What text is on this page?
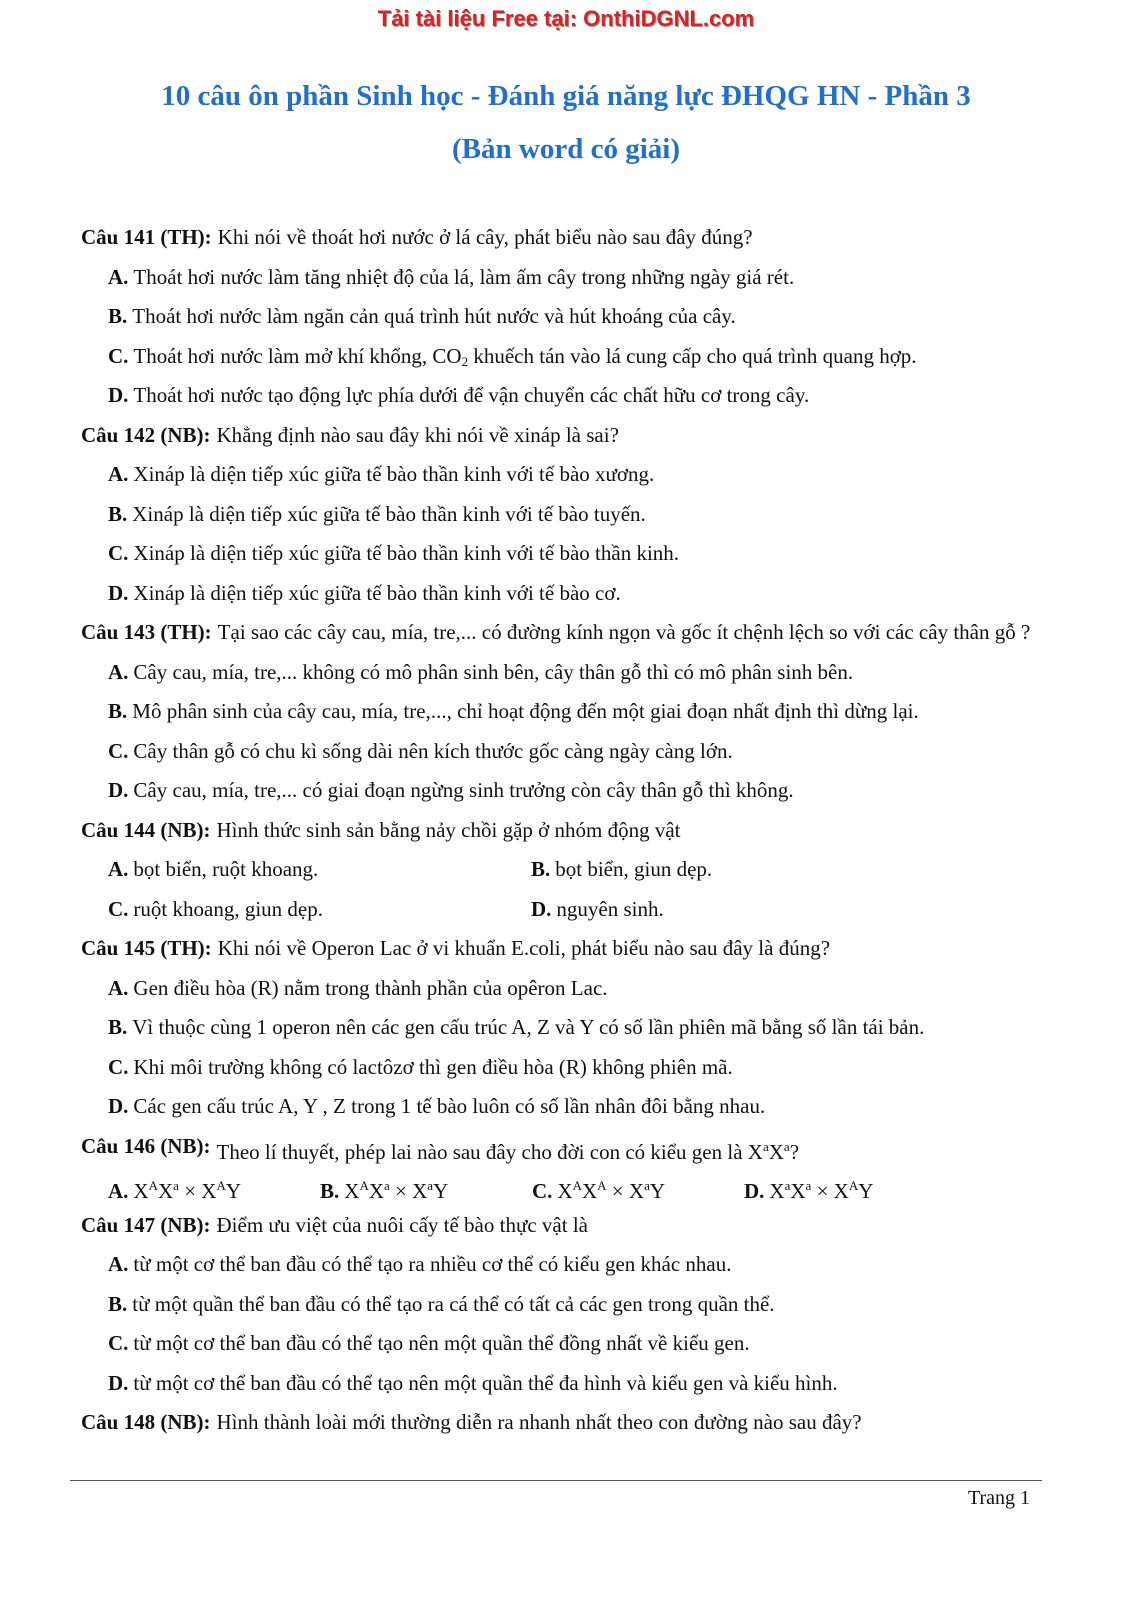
Tải tài liệu Free tại: OnthiDGNL.com
10 câu ôn phần Sinh học - Đánh giá năng lực ĐHQG HN - Phần 3
(Bản word có giải)
Câu 141 (TH): Khi nói về thoát hơi nước ở lá cây, phát biểu nào sau đây đúng?
A. Thoát hơi nước làm tăng nhiệt độ của lá, làm ấm cây trong những ngày giá rét.
B. Thoát hơi nước làm ngăn cản quá trình hút nước và hút khoáng của cây.
C. Thoát hơi nước làm mở khí khổng, $CO_2$ khuếch tán vào lá cung cấp cho quá trình quang hợp.
D. Thoát hơi nước tạo động lực phía dưới để vận chuyển các chất hữu cơ trong cây.
Câu 142 (NB): Khẳng định nào sau đây khi nói về xináp là sai?
A. Xináp là diện tiếp xúc giữa tế bào thần kinh với tế bào xương.
B. Xináp là diện tiếp xúc giữa tế bào thần kinh với tế bào tuyến.
C. Xináp là diện tiếp xúc giữa tế bào thần kinh với tế bào thần kinh.
D. Xináp là diện tiếp xúc giữa tế bào thần kinh với tế bào cơ.
Câu 143 (TH): Tại sao các cây cau, mía, tre,... có đường kính ngọn và gốc ít chệnh lệch so với các cây thân gỗ ?
A. Cây cau, mía, tre,... không có mô phân sinh bên, cây thân gỗ thì có mô phân sinh bên.
B. Mô phân sinh của cây cau, mía, tre,..., chỉ hoạt động đến một giai đoạn nhất định thì dừng lại.
C. Cây thân gỗ có chu kì sống dài nên kích thước gốc càng ngày càng lớn.
D. Cây cau, mía, tre,... có giai đoạn ngừng sinh trưởng còn cây thân gỗ thì không.
Câu 144 (NB): Hình thức sinh sản bằng nảy chồi gặp ở nhóm động vật
A. bọt biển, ruột khoang.	B. bọt biển, giun dẹp.
C. ruột khoang, giun dẹp.	D. nguyên sinh.
Câu 145 (TH): Khi nói về Operon Lac ở vi khuẩn E.coli, phát biểu nào sau đây là đúng?
A. Gen điều hòa (R) nằm trong thành phần của opêron Lac.
B. Vì thuộc cùng 1 operon nên các gen cấu trúc A, Z và Y có số lần phiên mã bằng số lần tái bản.
C. Khi môi trường không có lactôzơ thì gen điều hòa (R) không phiên mã.
D. Các gen cấu trúc A, Y , Z trong 1 tế bào luôn có số lần nhân đôi bằng nhau.
Câu 146 (NB): Theo lí thuyết, phép lai nào sau đây cho đời con có kiểu gen là $X^aX^a$?
A. $X^AX^a \times X^AY$	B. $X^AX^a \times X^aY$	C. $X^AX^A \times X^aY$	D. $X^aX^a \times X^AY$
Câu 147 (NB): Điểm ưu việt của nuôi cấy tế bào thực vật là
A. từ một cơ thể ban đầu có thể tạo ra nhiều cơ thể có kiểu gen khác nhau.
B. từ một quần thể ban đầu có thể tạo ra cá thể có tất cả các gen trong quần thể.
C. từ một cơ thể ban đầu có thể tạo nên một quần thể đồng nhất về kiểu gen.
D. từ một cơ thể ban đầu có thể tạo nên một quần thể đa hình và kiểu gen và kiểu hình.
Câu 148 (NB): Hình thành loài mới thường diễn ra nhanh nhất theo con đường nào sau đây?
Trang 1
